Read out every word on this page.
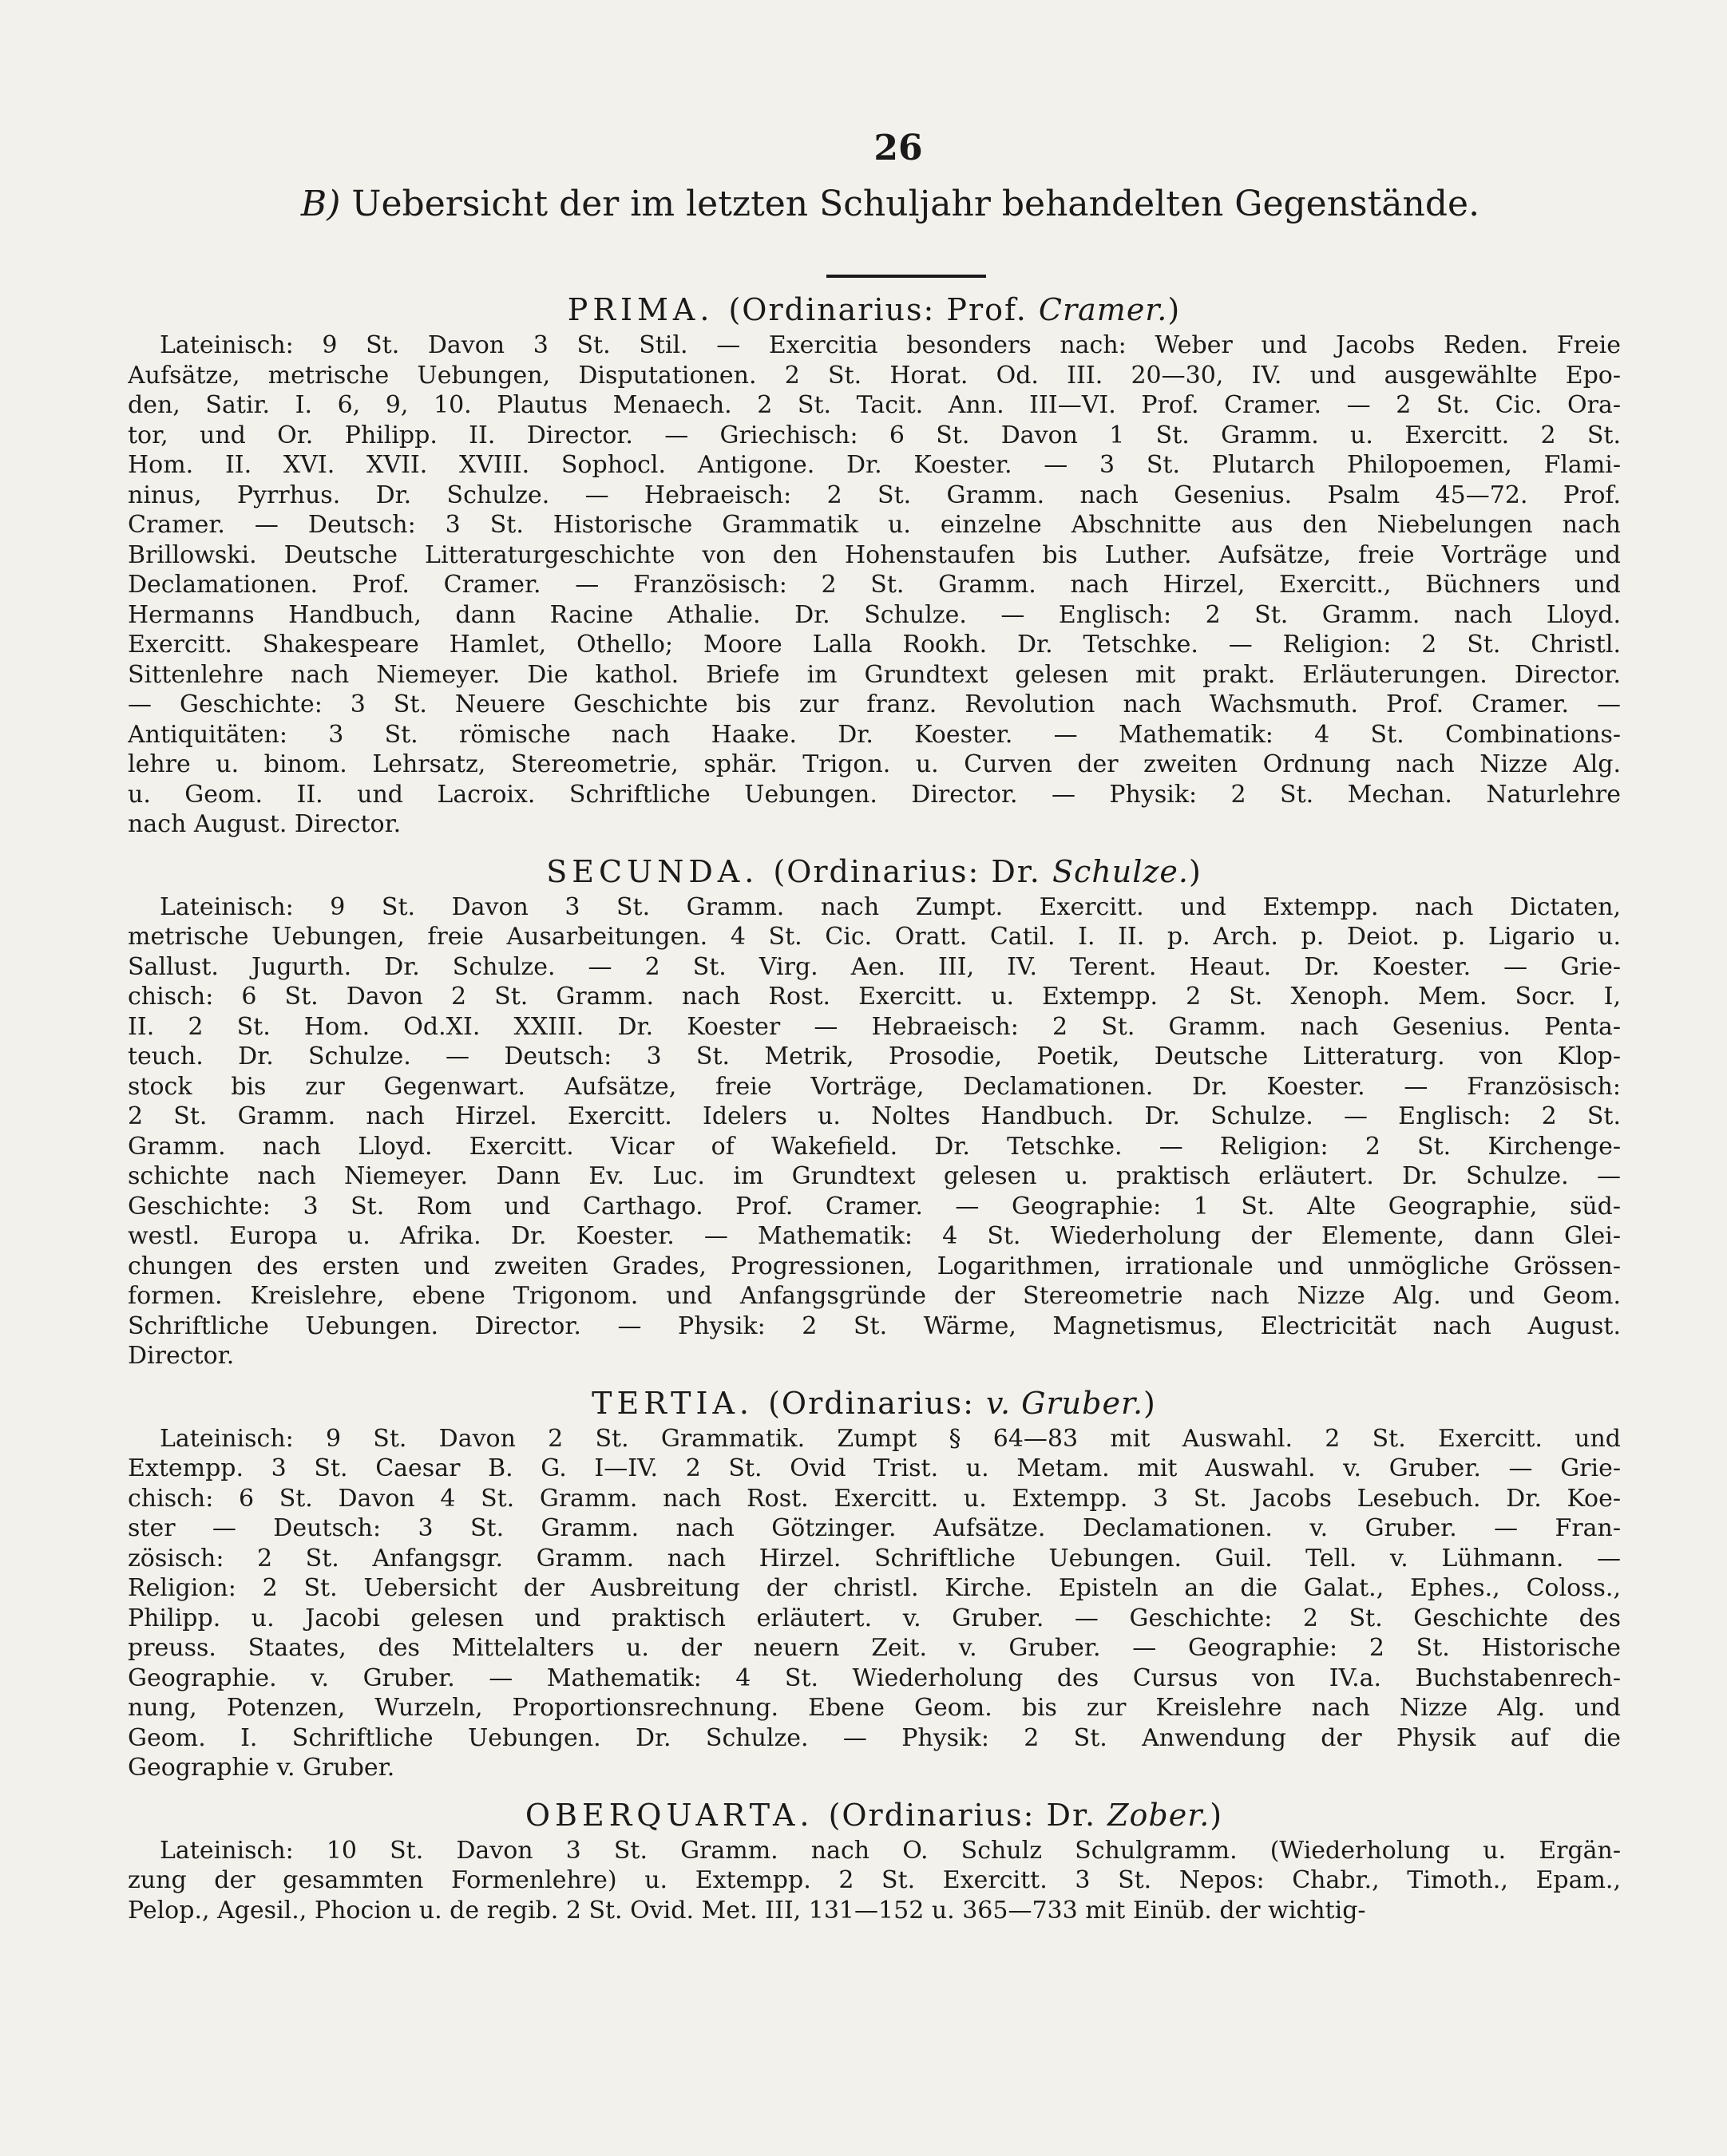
26
B) Uebersicht der im letzten Schuljahr behandelten Gegenstände.
PRIMA. (Ordinarius: Prof. Cramer.)
Lateinisch: 9 St. Davon 3 St. Stil. — Exercitia besonders nach: Weber und Jacobs Reden. Freie
Aufsätze, metrische Uebungen, Disputationen. 2 St. Horat. Od. III. 20—30, IV. und ausgewählte Epo-
den, Satir. I. 6, 9, 10. Plautus Menaech. 2 St. Tacit. Ann. III—VI. Prof. Cramer. — 2 St. Cic. Ora-
tor, und Or. Philipp. II. Director. — Griechisch: 6 St. Davon 1 St. Gramm. u. Exercitt. 2 St.
Hom. II. XVI. XVII. XVIII. Sophocl. Antigone. Dr. Koester. — 3 St. Plutarch Philopoemen, Flami-
ninus, Pyrrhus. Dr. Schulze. — Hebraeisch: 2 St. Gramm. nach Gesenius. Psalm 45—72. Prof.
Cramer. — Deutsch: 3 St. Historische Grammatik u. einzelne Abschnitte aus den Niebelungen nach
Brillowski. Deutsche Litteraturgeschichte von den Hohenstaufen bis Luther. Aufsätze, freie Vorträge und
Declamationen. Prof. Cramer. — Französisch: 2 St. Gramm. nach Hirzel, Exercitt., Büchners und
Hermanns Handbuch, dann Racine Athalie. Dr. Schulze. — Englisch: 2 St. Gramm. nach Lloyd.
Exercitt. Shakespeare Hamlet, Othello; Moore Lalla Rookh. Dr. Tetschke. — Religion: 2 St. Christl.
Sittenlehre nach Niemeyer. Die kathol. Briefe im Grundtext gelesen mit prakt. Erläuterungen. Director.
— Geschichte: 3 St. Neuere Geschichte bis zur franz. Revolution nach Wachsmuth. Prof. Cramer. —
Antiquitäten: 3 St. römische nach Haake. Dr. Koester. — Mathematik: 4 St. Combinations-
lehre u. binom. Lehrsatz, Stereometrie, sphär. Trigon. u. Curven der zweiten Ordnung nach Nizze Alg.
u. Geom. II. und Lacroix. Schriftliche Uebungen. Director. — Physik: 2 St. Mechan. Naturlehre
nach August. Director.
SECUNDA. (Ordinarius: Dr. Schulze.)
Lateinisch: 9 St. Davon 3 St. Gramm. nach Zumpt. Exercitt. und Extempp. nach Dictaten,
metrische Uebungen, freie Ausarbeitungen. 4 St. Cic. Oratt. Catil. I. II. p. Arch. p. Deiot. p. Ligario u.
Sallust. Jugurth. Dr. Schulze. — 2 St. Virg. Aen. III, IV. Terent. Heaut. Dr. Koester. — Grie-
chisch: 6 St. Davon 2 St. Gramm. nach Rost. Exercitt. u. Extempp. 2 St. Xenoph. Mem. Socr. I,
II. 2 St. Hom. Od.XI. XXIII. Dr. Koester — Hebraeisch: 2 St. Gramm. nach Gesenius. Penta-
teuch. Dr. Schulze. — Deutsch: 3 St. Metrik, Prosodie, Poetik, Deutsche Litteraturg. von Klop-
stock bis zur Gegenwart. Aufsätze, freie Vorträge, Declamationen. Dr. Koester. — Französisch:
2 St. Gramm. nach Hirzel. Exercitt. Idelers u. Noltes Handbuch. Dr. Schulze. — Englisch: 2 St.
Gramm. nach Lloyd. Exercitt. Vicar of Wakefield. Dr. Tetschke. — Religion: 2 St. Kirchenge-
schichte nach Niemeyer. Dann Ev. Luc. im Grundtext gelesen u. praktisch erläutert. Dr. Schulze. —
Geschichte: 3 St. Rom und Carthago. Prof. Cramer. — Geographie: 1 St. Alte Geographie, süd-
westl. Europa u. Afrika. Dr. Koester. — Mathematik: 4 St. Wiederholung der Elemente, dann Glei-
chungen des ersten und zweiten Grades, Progressionen, Logarithmen, irrationale und unmögliche Grössen-
formen. Kreislehre, ebene Trigonom. und Anfangsgründe der Stereometrie nach Nizze Alg. und Geom.
Schriftliche Uebungen. Director. — Physik: 2 St. Wärme, Magnetismus, Electricität nach August.
Director.
TERTIA. (Ordinarius: v. Gruber.)
Lateinisch: 9 St. Davon 2 St. Grammatik. Zumpt § 64—83 mit Auswahl. 2 St. Exercitt. und
Extempp. 3 St. Caesar B. G. I—IV. 2 St. Ovid Trist. u. Metam. mit Auswahl. v. Gruber. — Grie-
chisch: 6 St. Davon 4 St. Gramm. nach Rost. Exercitt. u. Extempp. 3 St. Jacobs Lesebuch. Dr. Koe-
ster — Deutsch: 3 St. Gramm. nach Götzinger. Aufsätze. Declamationen. v. Gruber. — Fran-
zösisch: 2 St. Anfangsgr. Gramm. nach Hirzel. Schriftliche Uebungen. Guil. Tell. v. Lühmann. —
Religion: 2 St. Uebersicht der Ausbreitung der christl. Kirche. Episteln an die Galat., Ephes., Coloss.,
Philipp. u. Jacobi gelesen und praktisch erläutert. v. Gruber. — Geschichte: 2 St. Geschichte des
preuss. Staates, des Mittelalters u. der neuern Zeit. v. Gruber. — Geographie: 2 St. Historische
Geographie. v. Gruber. — Mathematik: 4 St. Wiederholung des Cursus von IV.a. Buchstabenrech-
nung, Potenzen, Wurzeln, Proportionsrechnung. Ebene Geom. bis zur Kreislehre nach Nizze Alg. und
Geom. I. Schriftliche Uebungen. Dr. Schulze. — Physik: 2 St. Anwendung der Physik auf die
Geographie v. Gruber.
OBERQUARTA. (Ordinarius: Dr. Zober.)
Lateinisch: 10 St. Davon 3 St. Gramm. nach O. Schulz Schulgramm. (Wiederholung u. Ergän-
zung der gesammten Formenlehre) u. Extempp. 2 St. Exercitt. 3 St. Nepos: Chabr., Timoth., Epam.,
Pelop., Agesil., Phocion u. de regib. 2 St. Ovid. Met. III, 131—152 u. 365—733 mit Einüb. der wichtig-
